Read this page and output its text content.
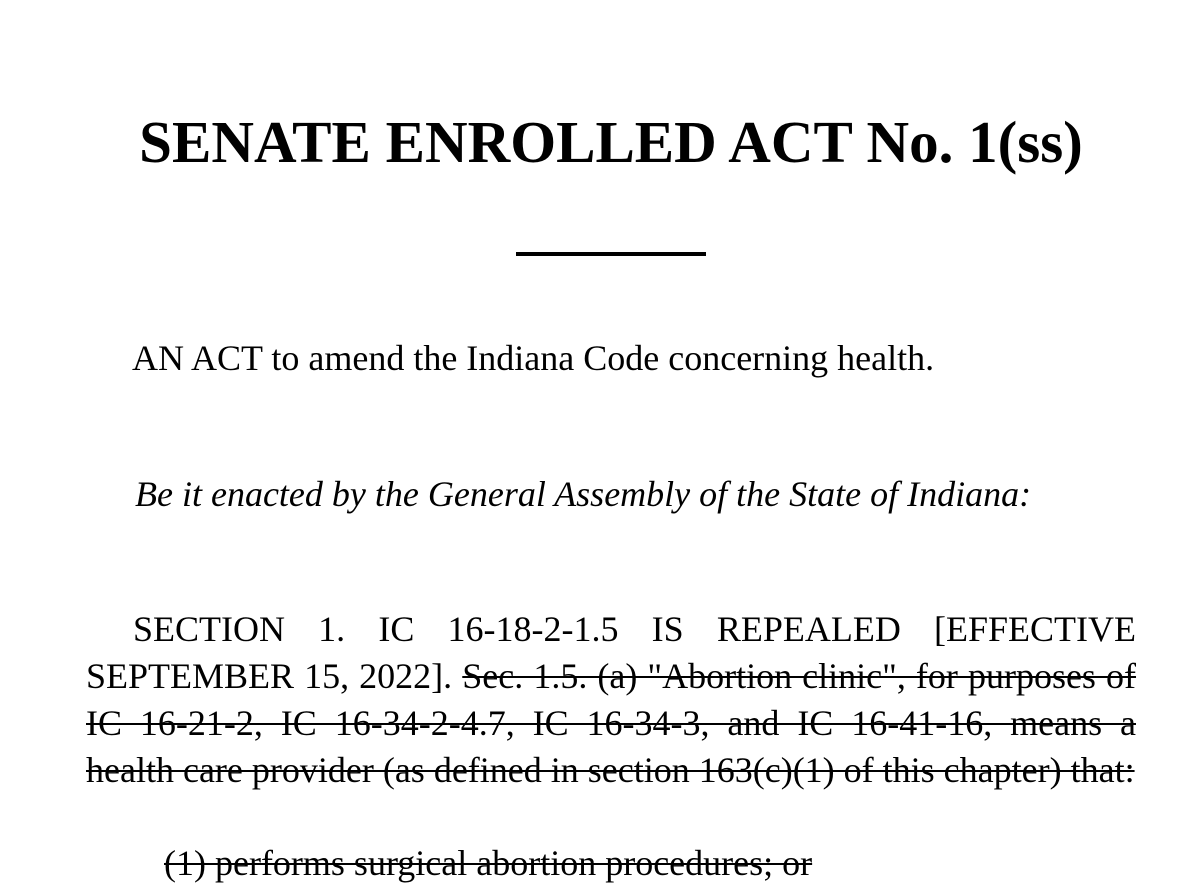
SENATE ENROLLED ACT No. 1(ss)

AN ACT to amend the Indiana Code concerning health.

Be it enacted by the General Assembly of the State of Indiana:

SECTION 1. IC 16-18-2-1.5 IS REPEALED [EFFECTIVE SEPTEMBER 15, 2022]. Sec. 1.5. (a) "Abortion clinic", for purposes of IC 16-21-2, IC 16-34-2-4.7, IC 16-34-3, and IC 16-41-16, means a health care provider (as defined in section 163(c)(1) of this chapter) that:

(1) performs surgical abortion procedures; or
